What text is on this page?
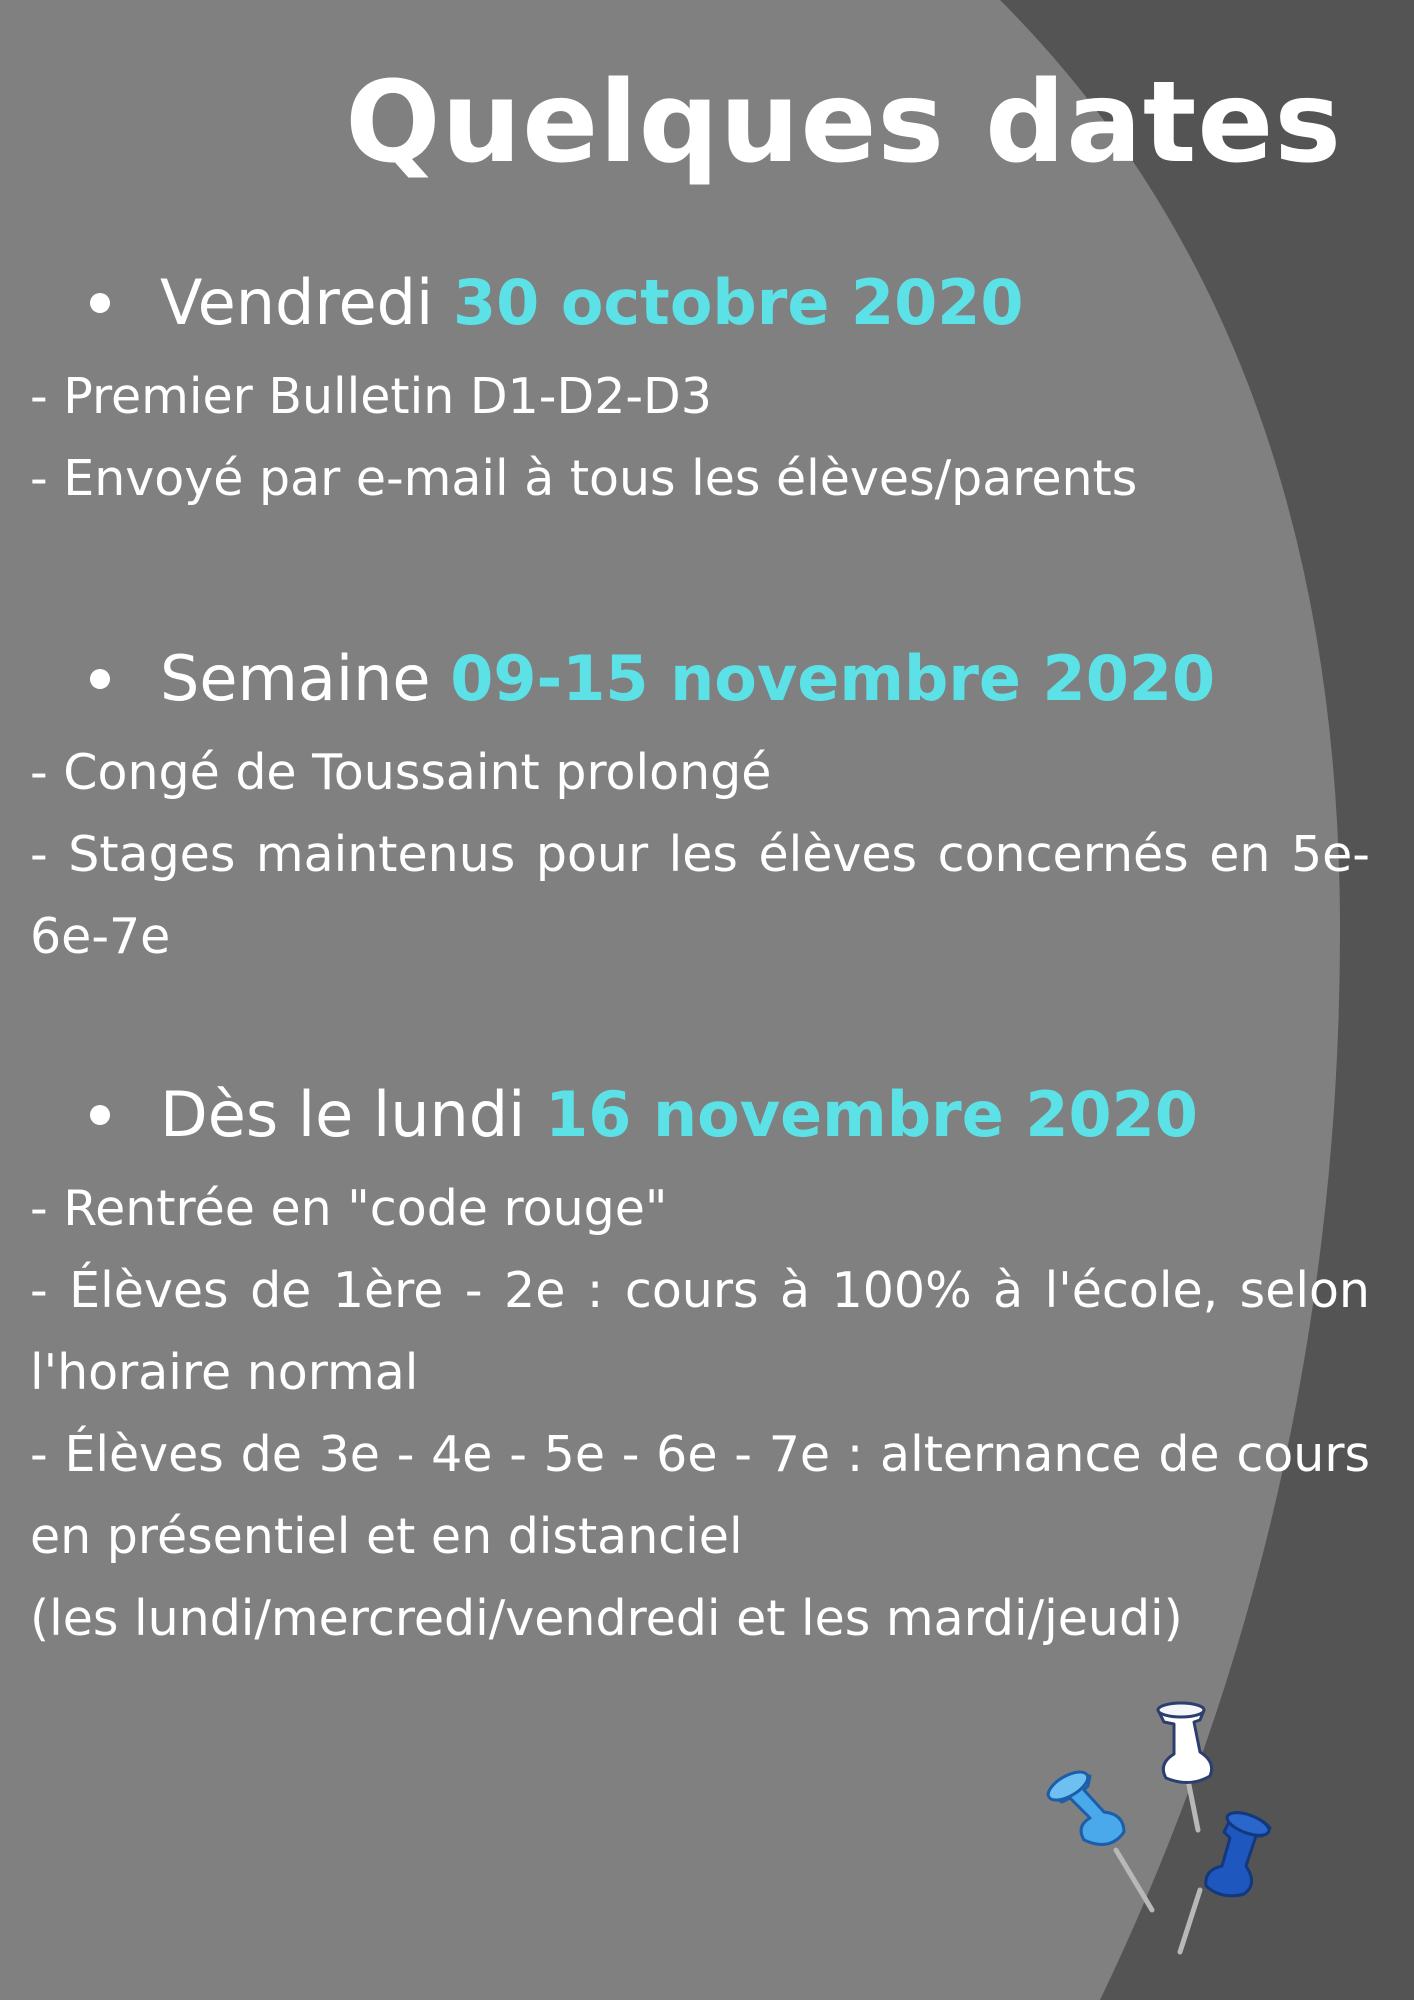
Quelques dates
Vendredi 30 octobre 2020

- Premier Bulletin D1-D2-D3

- Envoyé par e-mail à tous les élèves/parents

Semaine 09-15 novembre 2020

- Congé de Toussaint prolongé

- Stages maintenus pour les élèves concernés en 5e-6e-7e

Dès le lundi 16 novembre 2020

- Rentrée en "code rouge"

- Élèves de 1ère - 2e : cours à 100% à l'école, selon l'horaire normal

- Élèves de 3e - 4e - 5e - 6e - 7e : alternance de cours en présentiel et en distanciel

(les lundi/mercredi/vendredi et les mardi/jeudi)
